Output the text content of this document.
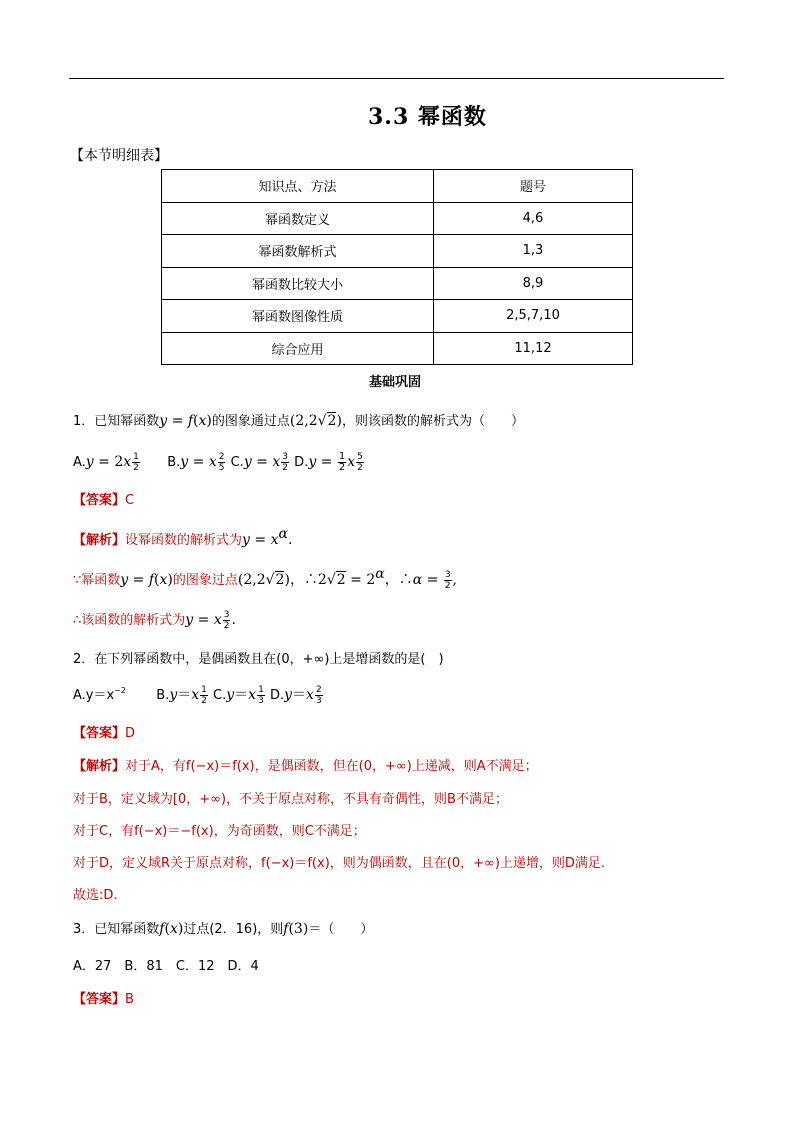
3.3 幂函数
【本节明细表】
知识点、方法	题号
幂函数定义	4,6
幂函数解析式	1,3
幂函数比较大小	8,9
幂函数图像性质	2,5,7,10
综合应用	11,12
基础巩固
1．已知幂函数y = f(x)的图象通过点(2,2√2)，则该函数的解析式为（　　）
$A.y = 2x \frac{1}{2} B.y = x \frac{2}{5} C.y = x \frac{3}{2} D.y = \frac{1}{2}$ x $\frac{5}{2}$
【答案】C
【解析】设幂函数的解析式为$y = x^\alpha$.
∵幂函数y = f(x)的图象过点(2,2√2)，∴2√2 = $2^\alpha$，∴α = $\frac{3}{2}$ ,
∴该函数的解析式为y = x $\frac{3}{2}$ .
2．在下列幂函数中，是偶函数且在(0，+∞)上是增函数的是(　)
$A.y=x^{-2}$ $B.y=x \frac{1}{2} C.y=x \frac{1}{3} D.y=x \frac{2}{3}$
【答案】D
【解析】对于A，有f(−x)＝f(x)，是偶函数，但在(0，+∞)上递减，则A不满足；
对于B，定义域为[0，+∞)，不关于原点对称，不具有奇偶性，则B不满足；
对于C，有f(−x)＝−f(x)，为奇函数，则C不满足；
对于D，定义域R关于原点对称，f(−x)＝f(x)，则为偶函数，且在(0，+∞)上递增，则D满足.
故选:D.
3．已知幂函数f(x)过点(2．16)，则f(3)＝（　　）
A．27　B．81　C．12　D．4
【答案】B
